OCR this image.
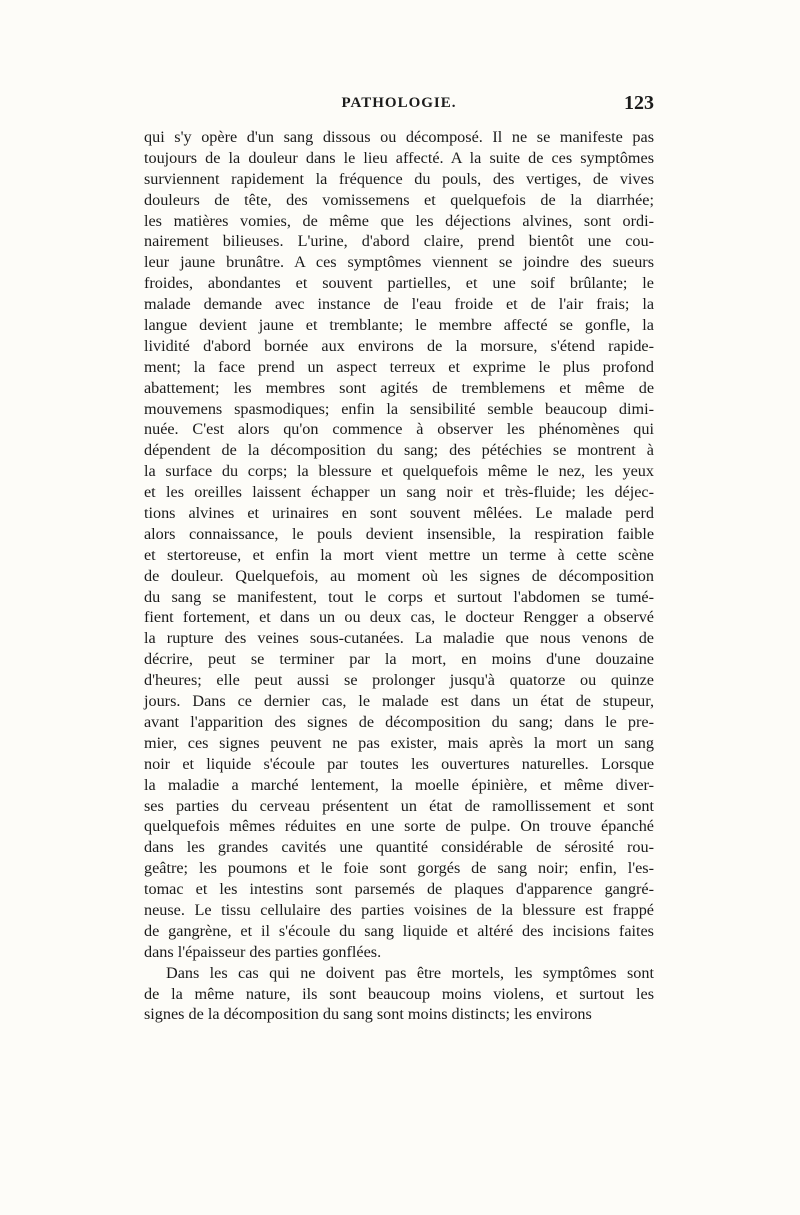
PATHOLOGIE.	123
qui s'y opère d'un sang dissous ou décomposé. Il ne se manifeste pas
toujours de la douleur dans le lieu affecté. A la suite de ces symptômes
surviennent rapidement la fréquence du pouls, des vertiges, de vives
douleurs de tête, des vomissemens et quelquefois de la diarrhée;
les matières vomies, de même que les déjections alvines, sont ordi-
nairement bilieuses. L'urine, d'abord claire, prend bientôt une cou-
leur jaune brunâtre. A ces symptômes viennent se joindre des sueurs
froides, abondantes et souvent partielles, et une soif brûlante; le
malade demande avec instance de l'eau froide et de l'air frais; la
langue devient jaune et tremblante; le membre affecté se gonfle, la
lividité d'abord bornée aux environs de la morsure, s'étend rapide-
ment; la face prend un aspect terreux et exprime le plus profond
abattement; les membres sont agités de tremblemens et même de
mouvemens spasmodiques; enfin la sensibilité semble beaucoup dimi-
nuée. C'est alors qu'on commence à observer les phénomènes qui
dépendent de la décomposition du sang; des pétéchies se montrent à
la surface du corps; la blessure et quelquefois même le nez, les yeux
et les oreilles laissent échapper un sang noir et très-fluide; les déjec-
tions alvines et urinaires en sont souvent mêlées. Le malade perd
alors connaissance, le pouls devient insensible, la respiration faible
et stertoreuse, et enfin la mort vient mettre un terme à cette scène
de douleur. Quelquefois, au moment où les signes de décomposition
du sang se manifestent, tout le corps et surtout l'abdomen se tumé-
fient fortement, et dans un ou deux cas, le docteur Rengger a observé
la rupture des veines sous-cutanées. La maladie que nous venons de
décrire, peut se terminer par la mort, en moins d'une douzaine
d'heures; elle peut aussi se prolonger jusqu'à quatorze ou quinze
jours. Dans ce dernier cas, le malade est dans un état de stupeur,
avant l'apparition des signes de décomposition du sang; dans le pre-
mier, ces signes peuvent ne pas exister, mais après la mort un sang
noir et liquide s'écoule par toutes les ouvertures naturelles. Lorsque
la maladie a marché lentement, la moelle épinière, et même diver-
ses parties du cerveau présentent un état de ramollissement et sont
quelquefois mêmes réduites en une sorte de pulpe. On trouve épanché
dans les grandes cavités une quantité considérable de sérosité rou-
geâtre; les poumons et le foie sont gorgés de sang noir; enfin, l'es-
tomac et les intestins sont parsemés de plaques d'apparence gangré-
neuse. Le tissu cellulaire des parties voisines de la blessure est frappé
de gangrène, et il s'écoule du sang liquide et altéré des incisions faites
dans l'épaisseur des parties gonflées.
Dans les cas qui ne doivent pas être mortels, les symptômes sont
de la même nature, ils sont beaucoup moins violens, et surtout les
signes de la décomposition du sang sont moins distincts; les environs
